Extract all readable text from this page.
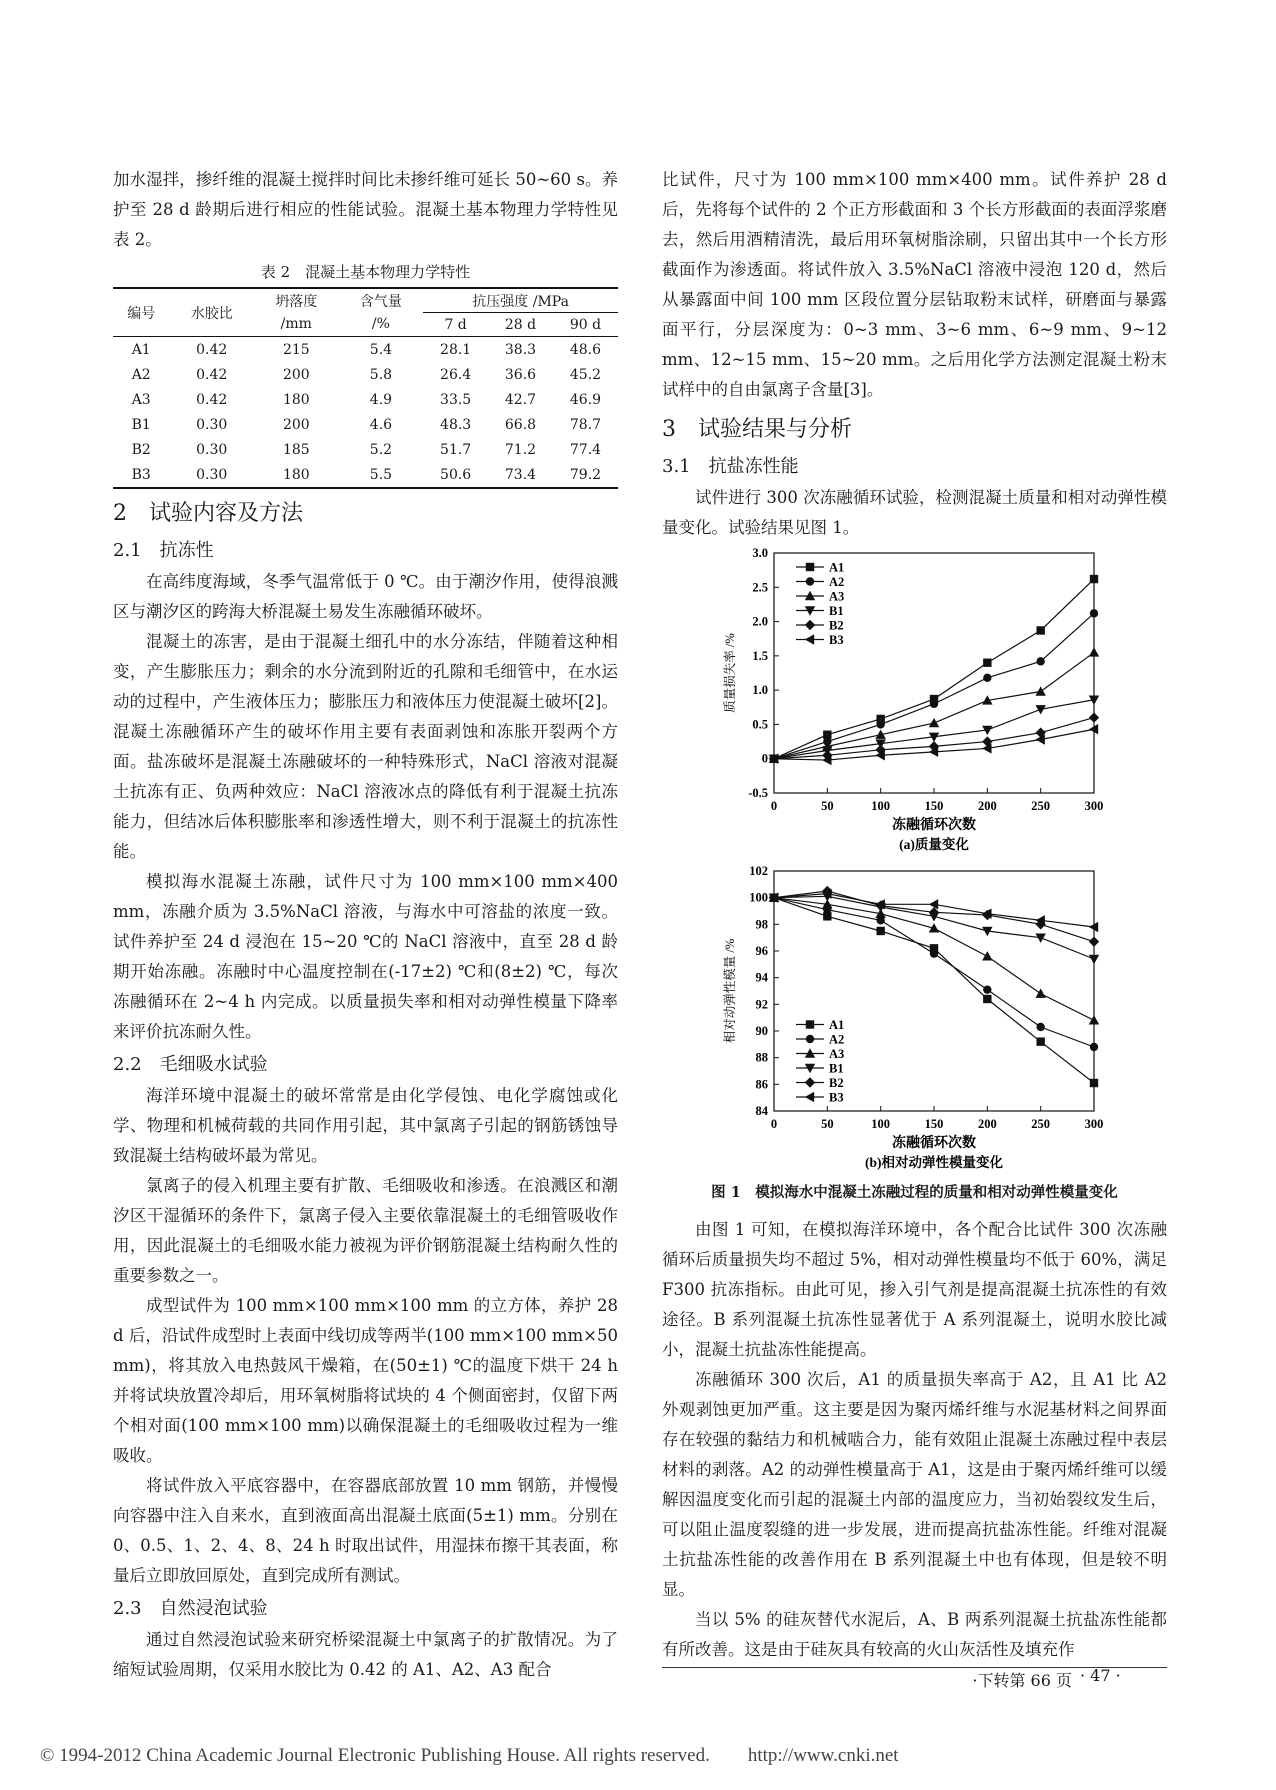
加水湿拌，掺纤维的混凝土搅拌时间比未掺纤维可延长 50~60 s。养护至 28 d 龄期后进行相应的性能试验。混凝土基本物理力学特性见表 2。

表 2　混凝土基本物理力学特性
编号	水胶比	坍落度	含气量	抗压强度 /MPa		
		/mm	/%	7 d	28 d	90 d
A1	0.42	215	5.4	28.1	38.3	48.6
A2	0.42	200	5.8	26.4	36.6	45.2
A3	0.42	180	4.9	33.5	42.7	46.9
B1	0.30	200	4.6	48.3	66.8	78.7
B2	0.30	185	5.2	51.7	71.2	77.4
B3	0.30	180	5.5	50.6	73.4	79.2
2　试验内容及方法
2.1　抗冻性

在高纬度海域，冬季气温常低于 0 ℃。由于潮汐作用，使得浪溅区与潮汐区的跨海大桥混凝土易发生冻融循环破坏。

混凝土的冻害，是由于混凝土细孔中的水分冻结，伴随着这种相变，产生膨胀压力；剩余的水分流到附近的孔隙和毛细管中，在水运动的过程中，产生液体压力；膨胀压力和液体压力使混凝土破坏[2]。混凝土冻融循环产生的破坏作用主要有表面剥蚀和冻胀开裂两个方面。盐冻破坏是混凝土冻融破坏的一种特殊形式，NaCl 溶液对混凝土抗冻有正、负两种效应：NaCl 溶液冰点的降低有利于混凝土抗冻能力，但结冰后体积膨胀率和渗透性增大，则不利于混凝土的抗冻性能。

模拟海水混凝土冻融，试件尺寸为 100 mm×100 mm×400 mm，冻融介质为 3.5%NaCl 溶液，与海水中可溶盐的浓度一致。试件养护至 24 d 浸泡在 15~20 ℃的 NaCl 溶液中，直至 28 d 龄期开始冻融。冻融时中心温度控制在(-17±2) ℃和(8±2) ℃，每次冻融循环在 2~4 h 内完成。以质量损失率和相对动弹性模量下降率来评价抗冻耐久性。

2.2　毛细吸水试验

海洋环境中混凝土的破坏常常是由化学侵蚀、电化学腐蚀或化学、物理和机械荷载的共同作用引起，其中氯离子引起的钢筋锈蚀导致混凝土结构破坏最为常见。

氯离子的侵入机理主要有扩散、毛细吸收和渗透。在浪溅区和潮汐区干湿循环的条件下，氯离子侵入主要依靠混凝土的毛细管吸收作用，因此混凝土的毛细吸水能力被视为评价钢筋混凝土结构耐久性的重要参数之一。

成型试件为 100 mm×100 mm×100 mm 的立方体，养护 28 d 后，沿试件成型时上表面中线切成等两半(100 mm×100 mm×50 mm)，将其放入电热鼓风干燥箱，在(50±1) ℃的温度下烘干 24 h 并将试块放置冷却后，用环氧树脂将试块的 4 个侧面密封，仅留下两个相对面(100 mm×100 mm)以确保混凝土的毛细吸收过程为一维吸收。

将试件放入平底容器中，在容器底部放置 10 mm 钢筋，并慢慢向容器中注入自来水，直到液面高出混凝土底面(5±1) mm。分别在 0、0.5、1、2、4、8、24 h 时取出试件，用湿抹布擦干其表面，称量后立即放回原处，直到完成所有测试。

2.3　自然浸泡试验

通过自然浸泡试验来研究桥梁混凝土中氯离子的扩散情况。为了缩短试验周期，仅采用水胶比为 0.42 的 A1、A2、A3 配合

比试件，尺寸为 100 mm×100 mm×400 mm。试件养护 28 d 后，先将每个试件的 2 个正方形截面和 3 个长方形截面的表面浮浆磨去，然后用酒精清洗，最后用环氧树脂涂刷，只留出其中一个长方形截面作为渗透面。将试件放入 3.5%NaCl 溶液中浸泡 120 d，然后从暴露面中间 100 mm 区段位置分层钻取粉末试样，研磨面与暴露面平行，分层深度为：0~3 mm、3~6 mm、6~9 mm、9~12 mm、12~15 mm、15~20 mm。之后用化学方法测定混凝土粉末试样中的自由氯离子含量[3]。

3　试验结果与分析
3.1　抗盐冻性能

试件进行 300 次冻融循环试验，检测混凝土质量和相对动弹性模量变化。试验结果见图 1。

0	50	100	150	200	250	300
-0.5
0
0.5
1.0
1.5
2.0
2.5
3.0
冻融循环次数
质量损失率 /%
(a)质量变化
A1
A2
A3
B1
B2
B3
0	50	100	150	200	250	300
84
86
88
90
92
94
96
98
100
102
冻融循环次数
相对动弹性模量 /%
(b)相对动弹性模量变化
A1
A2
A3
B1
B2
B3
图 1　模拟海水中混凝土冻融过程的质量和相对动弹性模量变化

由图 1 可知，在模拟海洋环境中，各个配合比试件 300 次冻融循环后质量损失均不超过 5%，相对动弹性模量均不低于 60%，满足 F300 抗冻指标。由此可见，掺入引气剂是提高混凝土抗冻性的有效途径。B 系列混凝土抗冻性显著优于 A 系列混凝土，说明水胶比减小，混凝土抗盐冻性能提高。

冻融循环 300 次后，A1 的质量损失率高于 A2，且 A1 比 A2 外观剥蚀更加严重。这主要是因为聚丙烯纤维与水泥基材料之间界面存在较强的黏结力和机械啮合力，能有效阻止混凝土冻融过程中表层材料的剥落。A2 的动弹性模量高于 A1，这是由于聚丙烯纤维可以缓解因温度变化而引起的混凝土内部的温度应力，当初始裂纹发生后，可以阻止温度裂缝的进一步发展，进而提高抗盐冻性能。纤维对混凝土抗盐冻性能的改善作用在 B 系列混凝土中也有体现，但是较不明显。

当以 5% 的硅灰替代水泥后，A、B 两系列混凝土抗盐冻性能都有所改善。这是由于硅灰具有较高的火山灰活性及填充作

·下转第 66 页 · 47 ·
© 1994-2012 China Academic Journal Electronic Publishing House. All rights reserved.　　http://www.cnki.net
